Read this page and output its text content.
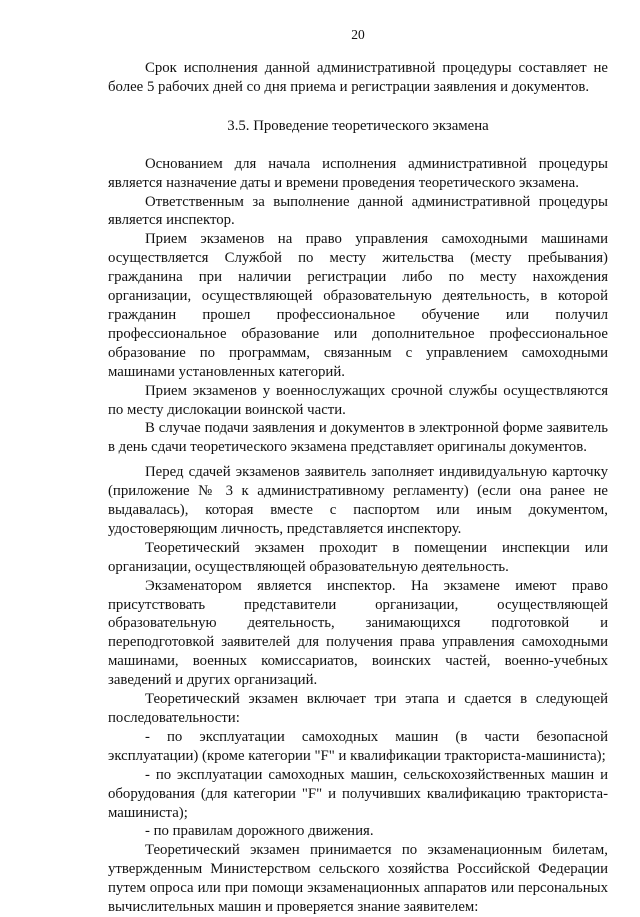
20

Срок исполнения данной административной процедуры составляет не более 5 рабочих дней со дня приема и регистрации заявления и документов.

3.5. Проведение теоретического экзамена

Основанием для начала исполнения административной процедуры является назначение даты и времени проведения теоретического экзамена.

Ответственным за выполнение данной административной процедуры является инспектор.

Прием экзаменов на право управления самоходными машинами осуществляется Службой по месту жительства (месту пребывания) гражданина при наличии регистрации либо по месту нахождения организации, осуществляющей образовательную деятельность, в которой гражданин прошел профессиональное обучение или получил профессиональное образование или дополнительное профессиональное образование по программам, связанным с управлением самоходными машинами установленных категорий.

Прием экзаменов у военнослужащих срочной службы осуществляются по месту дислокации воинской части.

В случае подачи заявления и документов в электронной форме заявитель в день сдачи теоретического экзамена представляет оригиналы документов.

Перед сдачей экзаменов заявитель заполняет индивидуальную карточку (приложение № 3 к административному регламенту) (если она ранее не выдавалась), которая вместе с паспортом или иным документом, удостоверяющим личность, представляется инспектору.

Теоретический экзамен проходит в помещении инспекции или организации, осуществляющей образовательную деятельность.

Экзаменатором является инспектор. На экзамене имеют право присутствовать представители организации, осуществляющей образовательную деятельность, занимающихся подготовкой и переподготовкой заявителей для получения права управления самоходными машинами, военных комиссариатов, воинских частей, военно-учебных заведений и других организаций.

Теоретический экзамен включает три этапа и сдается в следующей последовательности:

- по эксплуатации самоходных машин (в части безопасной эксплуатации) (кроме категории "F" и квалификации тракториста-машиниста);

- по эксплуатации самоходных машин, сельскохозяйственных машин и оборудования (для категории "F" и получивших квалификацию тракториста-машиниста);

- по правилам дорожного движения.

Теоретический экзамен принимается по экзаменационным билетам, утвержденным Министерством сельского хозяйства Российской Федерации путем опроса или при помощи экзаменационных аппаратов или персональных вычислительных машин и проверяется знание заявителем:
